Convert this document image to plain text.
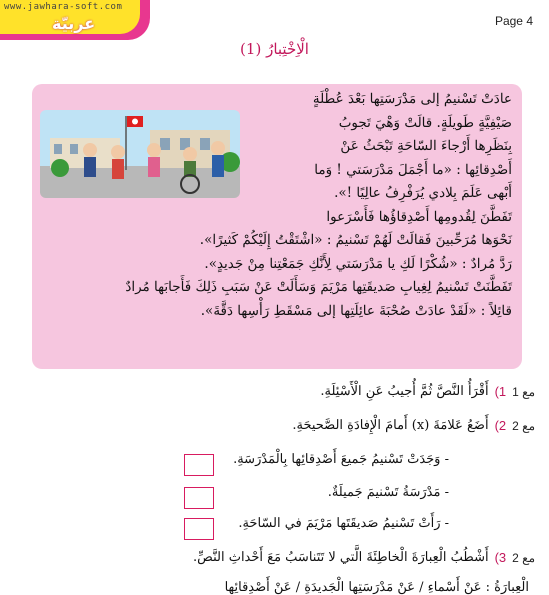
www.jawhara-soft.com
عربيّة	Page 4
الْاِخْتِبارُ (1)
عادَتْ تَسْنيمُ إلى مَدْرَسَتِها بَعْدَ عُطْلَةٍ
صَيْفِيَّةٍ طَويلَةٍ. قالَتْ وَهْيَ تَجوبُ
بِنَظَرِها أَرْجاءَ السّاحَةِ تَبْحَثُ عَنْ
أَصْدِقائِها : «ما أَجْمَلَ مَدْرَسَتي ! وَما
أَبْهى عَلَمَ بِلادي يُرَفْرِفُ عالِيًا !».
تَفَطَّنَ لِقُدومِها أَصْدِقاؤُها فَأَسْرَعوا
نَحْوَها مُرَحِّبينَ فَقالَتْ لَهُمْ تَسْنيمُ : «اشْتَقْتُ إِلَيْكُمْ كَثيرًا».
رَدَّ مُرادٌ : «شُكْرًا لَكِ يا مَدْرَسَتي لِأَنَّكِ جَمَعْتِنا مِنْ جَديدٍ».
تَفَطَّنَتْ تَسْنيمُ لِغِيابِ صَديقَتِها مَرْيَمَ وَسَأَلَتْ عَنْ سَبَبِ ذَلِكَ فَأَجابَها مُرادٌ
قائِلاً : «لَقَدْ عادَتْ صُحْبَةَ عائِلَتِها إلى مَسْقَطِ رَأْسِها دَقَّةَ».
مع 1
1)
أَقْرَأُ النَّصَّ ثُمَّ أُجيبُ عَنِ الْأَسْئِلَةِ.
مع 2
2)
أَضَعُ عَلامَةَ (x) أَمامَ الْإِفادَةِ الصَّحيحَةِ.
- وَجَدَتْ تَسْنيمُ جَميعَ أَصْدِقائِها بِالْمَدْرَسَةِ.
- مَدْرَسَةُ تَسْنيمَ جَميلَةٌ.
- رَأَتْ تَسْنيمُ صَديقَتَها مَرْيَمَ في السّاحَةِ.
مع 2
3)
أَشْطُبُ الْعِبارَةَ الْخاطِئَةَ الَّتي لا تَتَناسَبُ مَعَ أَحْداثِ النَّصِّ.
الْعِبارَةُ : عَنْ أَسْماءِ / عَنْ مَدْرَسَتِها الْجَديدَةِ / عَنْ أَصْدِقائِها
